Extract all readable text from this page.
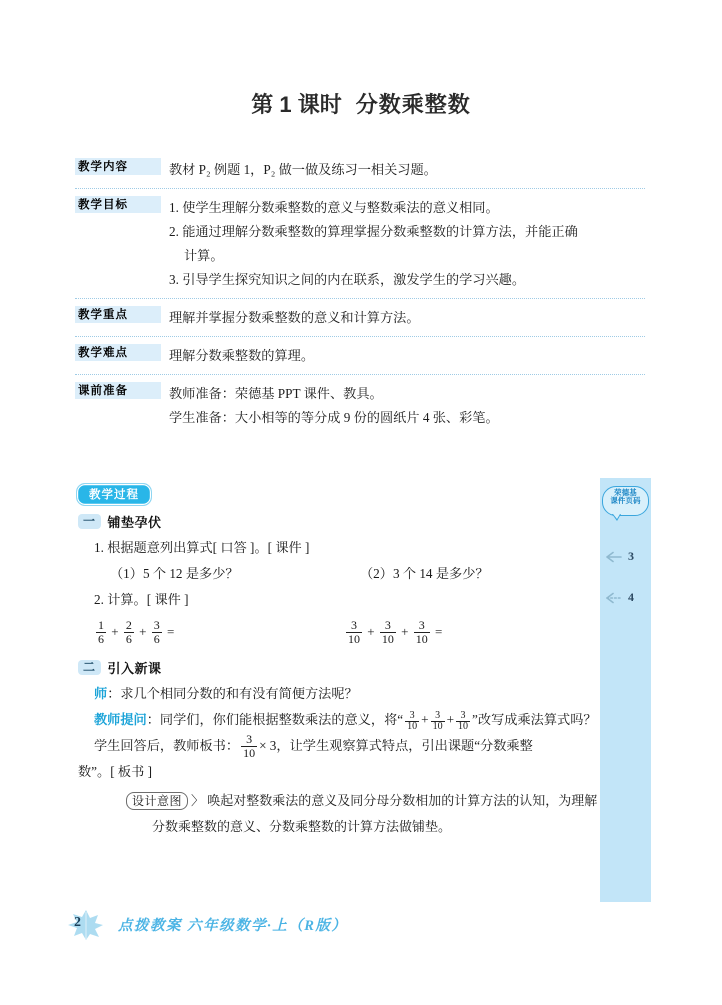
荣德基
课件页码
3
4
第 1 课时 分数乘整数
教学内容	教材 P₂ 例题 1，P₂ 做一做及练习一相关习题。

教学目标	1. 使学生理解分数乘整数的意义与整数乘法的意义相同。

2. 能通过理解分数乘整数的算理掌握分数乘整数的计算方法，并能正确

计算。

3. 引导学生探究知识之间的内在联系，激发学生的学习兴趣。

教学重点	理解并掌握分数乘整数的意义和计算方法。

教学难点	理解分数乘整数的算理。

课前准备	教师准备：荣德基 PPT 课件、教具。

学生准备：大小相等的等分成 9 份的圆纸片 4 张、彩笔。

教学过程
一 铺垫孕伏

1. 根据题意列出算式[ 口答 ]。[ 课件 ]

（1）5 个 12 是多少？	（2）3 个 14 是多少？

2. 计算。[ 课件 ]

$\frac{1}{6} + \frac{2}{6} + \frac{3}{6}$ =	$\frac{3}{10} + \frac{3}{10} + \frac{3}{10}$ =
二 引入新课

师：求几个相同分数的和有没有简便方法呢？

教师提问：同学们，你们能根据整数乘法的意义，将“ $\frac{3}{10} + \frac{3}{10} + \frac{3}{10}$ ”改写成乘法算式吗？

学生回答后，教师板书： $\frac{3}{10} \times 3$，让学生观察算式特点，引出课题“分数乘整

数”。[ 板书 ]

设计意图 〉 唤起对整数乘法的意义及同分母分数相加的计算方法的认知，为理解
分数乘整数的意义、分数乘整数的计算方法做铺垫。
2	点拨教案 六年级数学·上（R版）
